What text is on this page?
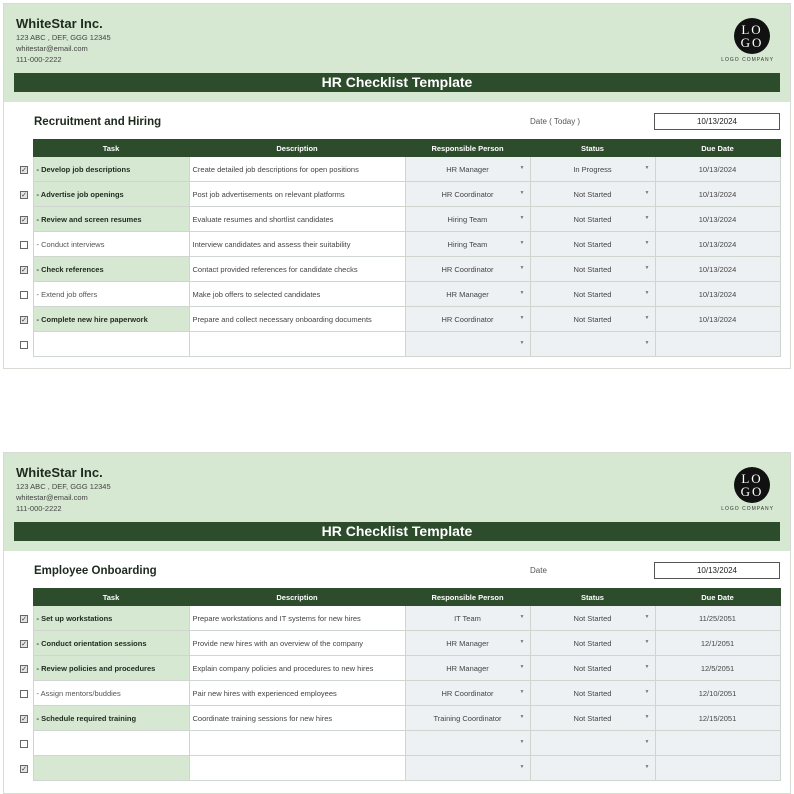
WhiteStar Inc.
123 ABC , DEF, GGG 12345
whitestar@email.com
111-000-2222
LO GO
LOGO COMPANY
HR Checklist Template
Recruitment and Hiring	Date ( Today )	10/13/2024
	Task	Description	Responsible Person	Status	Due Date
✓	- Develop job descriptions	Create detailed job descriptions for open positions	HR Manager ▼	In Progress ▼	10/13/2024
✓	- Advertise job openings	Post job advertisements on relevant platforms	HR Coordinator ▼	Not Started ▼	10/13/2024
✓	- Review and screen resumes	Evaluate resumes and shortlist candidates	Hiring Team ▼	Not Started ▼	10/13/2024
	- Conduct interviews	Interview candidates and assess their suitability	Hiring Team ▼	Not Started ▼	10/13/2024
✓	- Check references	Contact provided references for candidate checks	HR Coordinator ▼	Not Started ▼	10/13/2024
	- Extend job offers	Make job offers to selected candidates	HR Manager ▼	Not Started ▼	10/13/2024
✓	- Complete new hire paperwork	Prepare and collect necessary onboarding documents	HR Coordinator ▼	Not Started ▼	10/13/2024

			▼	▼	

WhiteStar Inc.
123 ABC , DEF, GGG 12345
whitestar@email.com
111-000-2222
LO GO
LOGO COMPANY
HR Checklist Template
Employee Onboarding	Date	10/13/2024
	Task	Description	Responsible Person	Status	Due Date
✓	- Set up workstations	Prepare workstations and IT systems for new hires	IT Team ▼	Not Started ▼	11/25/2051
✓	- Conduct orientation sessions	Provide new hires with an overview of the company	HR Manager ▼	Not Started ▼	12/1/2051
✓	- Review policies and procedures	Explain company policies and procedures to new hires	HR Manager ▼	Not Started ▼	12/5/2051
	- Assign mentors/buddies	Pair new hires with experienced employees	HR Coordinator ▼	Not Started ▼	12/10/2051
✓	- Schedule required training	Coordinate training sessions for new hires	Training Coordinator ▼	Not Started ▼	12/15/2051

			▼	▼	

✓			▼	▼	
